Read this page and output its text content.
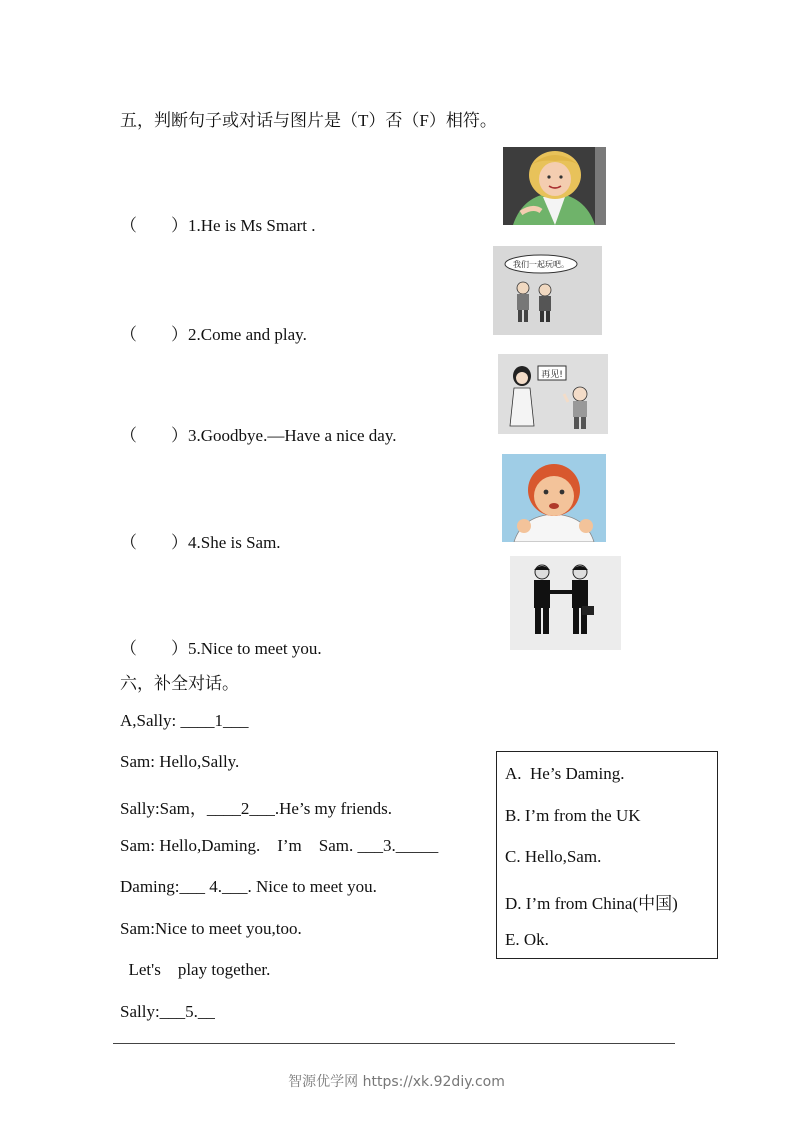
五，判断句子或对话与图片是（T）否（F）相符。
（　　）1.He is Ms Smart .
（　　）2.Come and play.
（　　）3.Goodbye.—Have a nice day.
（　　）4.She is Sam.
（　　）5.Nice to meet you.
我们一起玩吧。
再见!
六，补全对话。
A,Sally: ____1___
Sam: Hello,Sally.
Sally:Sam，____2___.He’s my friends.
Sam: Hello,Daming.    I’m    Sam. ___3._____
Daming:___ 4.___. Nice to meet you.
Sam:Nice to meet you,too.
Let's    play together.
Sally:___5.__
A.  He’s Daming.
B. I’m from the UK
C. Hello,Sam.
D. I’m from China(中国)
E. Ok.
智源优学网 https://xk.92diy.com
